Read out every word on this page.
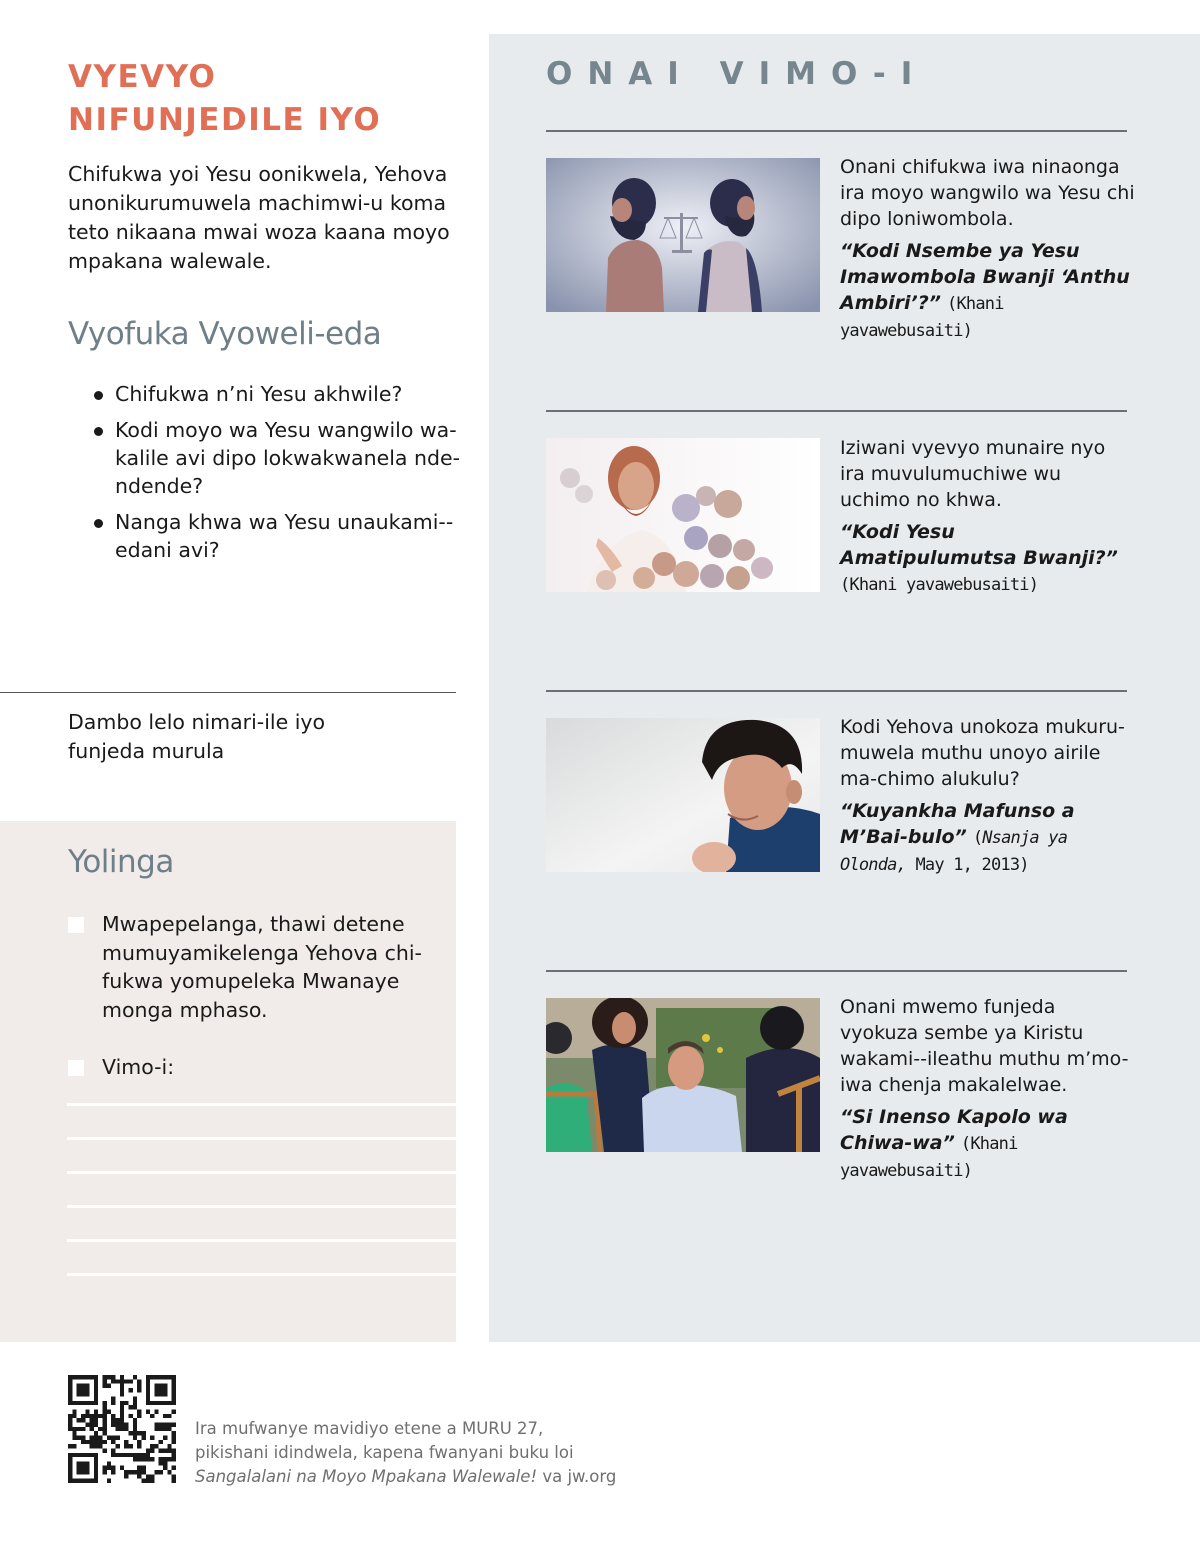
VYEVYO
NIFUNJEDILE IYO

Chifukwa yoi Yesu oonikwela, Yehova unonikurumuwela machimwi-u koma teto nikaana mwai woza kaana moyo mpakana walewale.

Vyofuka Vyoweli-eda
Chifukwa n’ni Yesu akhwile?
Kodi moyo wa Yesu wangwilo wa-kalile avi dipo lokwakwanela nde-ndende?
Nanga khwa wa Yesu unaukami--edani avi?

Dambo lelo nimari-ile iyo funjeda murula

Yolinga
Mwapepelanga, thawi detene mumuyamikelenga Yehova chi-fukwa yomupeleka Mwanaye monga mphaso.
Vimo-i:
ONAI VIMO-I
Onani chifukwa iwa ninaonga ira moyo wangwilo wa Yesu chi dipo loniwombola.
“Kodi Nsembe ya Yesu Imawombola Bwanji ‘Anthu Ambiri’?” (Khani yavawebusaiti)
Iziwani vyevyo munaire nyo ira muvulumuchiwe wu uchimo no khwa.
“Kodi Yesu Amatipulumutsa Bwanji?” (Khani yavawebusaiti)
Kodi Yehova unokoza mukuru-muwela muthu unoyo airile ma-chimo alukulu?
“Kuyankha Mafunso a M’Bai-bulo” (Nsanja ya Olonda, May 1, 2013)
Onani mwemo funjeda vyokuza sembe ya Kiristu wakami--ileathu muthu m’mo-iwa chenja makalelwae.
“Si Inenso Kapolo wa Chiwa-wa” (Khani yavawebusaiti)

Ira mufwanye mavidiyo etene a MURU 27,
pikishani idindwela, kapena fwanyani buku loi
Sangalalani na Moyo Mpakana Walewale! va jw.org
